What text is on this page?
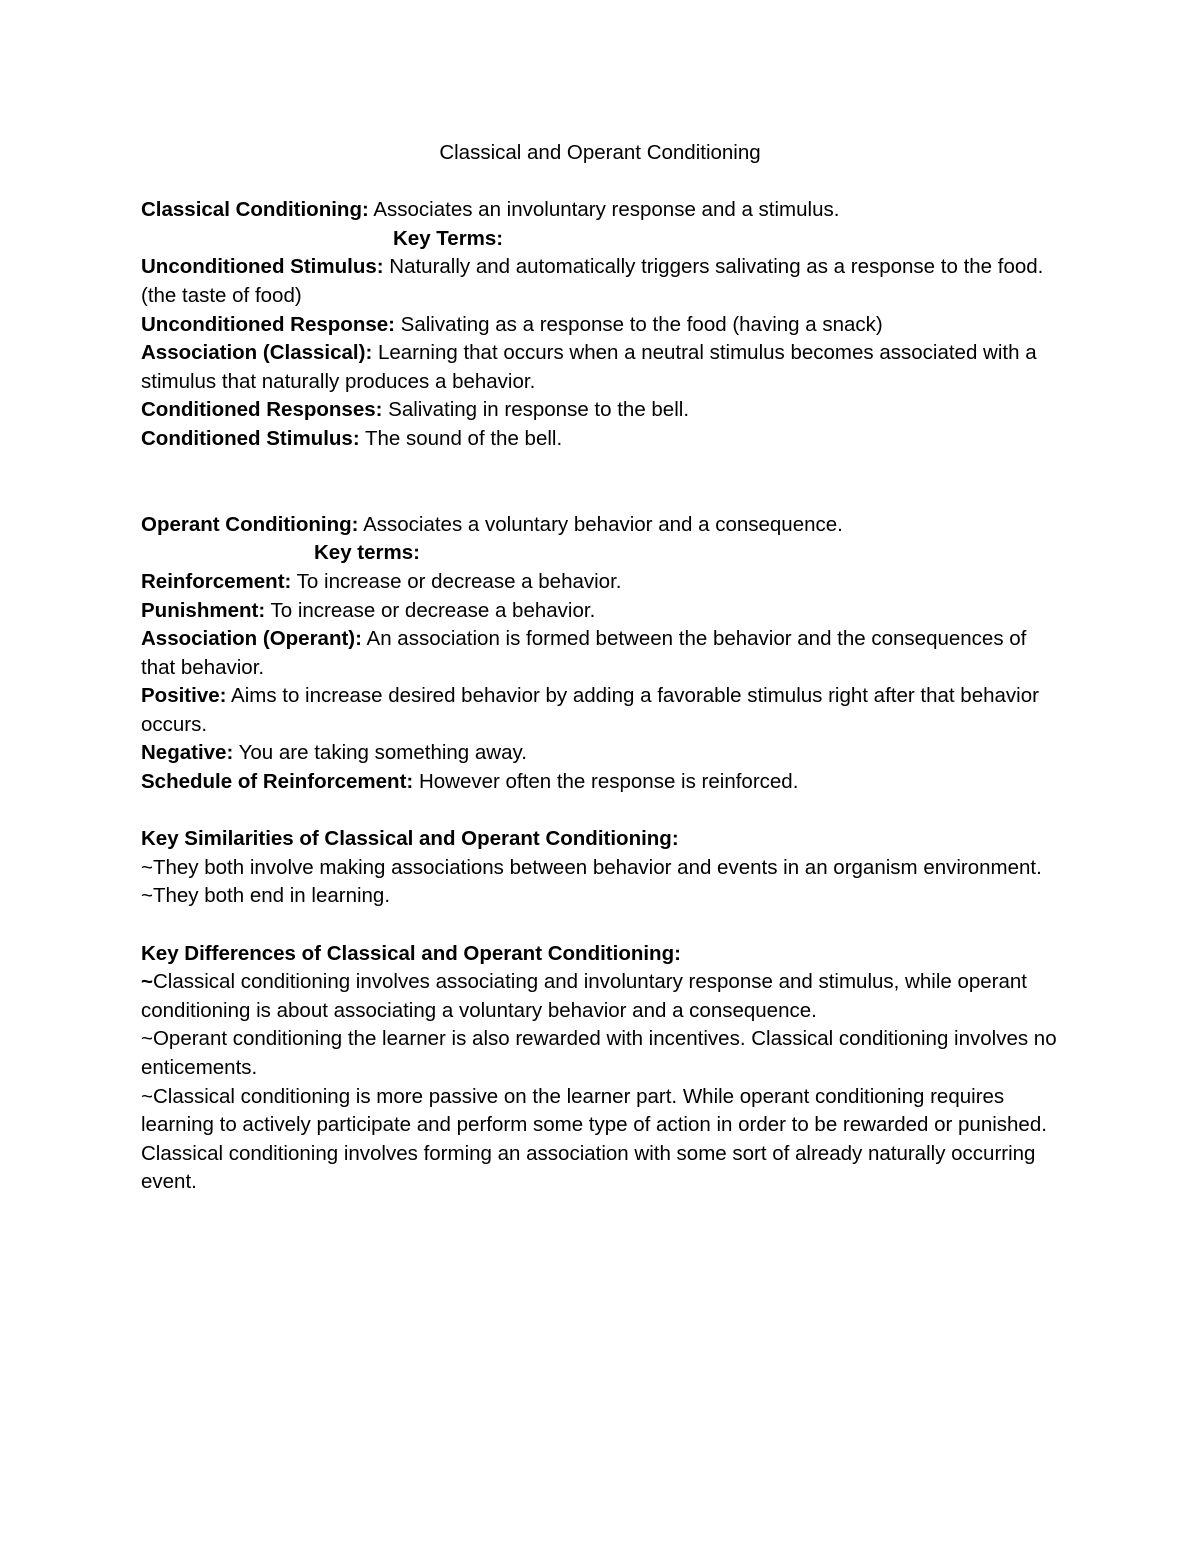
Classical and Operant Conditioning

Classical Conditioning: Associates an involuntary response and a stimulus.

Key Terms:

Unconditioned Stimulus: Naturally and automatically triggers salivating as a response to the food. (the taste of food)

Unconditioned Response: Salivating as a response to the food (having a snack)

Association (Classical): Learning that occurs when a neutral stimulus becomes associated with a stimulus that naturally produces a behavior.

Conditioned Responses: Salivating in response to the bell.

Conditioned Stimulus: The sound of the bell.

Operant Conditioning: Associates a voluntary behavior and a consequence.

Key terms:

Reinforcement: To increase or decrease a behavior.

Punishment: To increase or decrease a behavior.

Association (Operant): An association is formed between the behavior and the consequences of that behavior.

Positive: Aims to increase desired behavior by adding a favorable stimulus right after that behavior occurs.

Negative: You are taking something away.

Schedule of Reinforcement: However often the response is reinforced.

Key Similarities of Classical and Operant Conditioning:

~They both involve making associations between behavior and events in an organism environment.

~They both end in learning.

Key Differences of Classical and Operant Conditioning:

~Classical conditioning involves associating and involuntary response and stimulus, while operant conditioning is about associating a voluntary behavior and a consequence.

~Operant conditioning the learner is also rewarded with incentives. Classical conditioning involves no enticements.

~Classical conditioning is more passive on the learner part. While operant conditioning requires learning to actively participate and perform some type of action in order to be rewarded or punished. Classical conditioning involves forming an association with some sort of already naturally occurring event.
